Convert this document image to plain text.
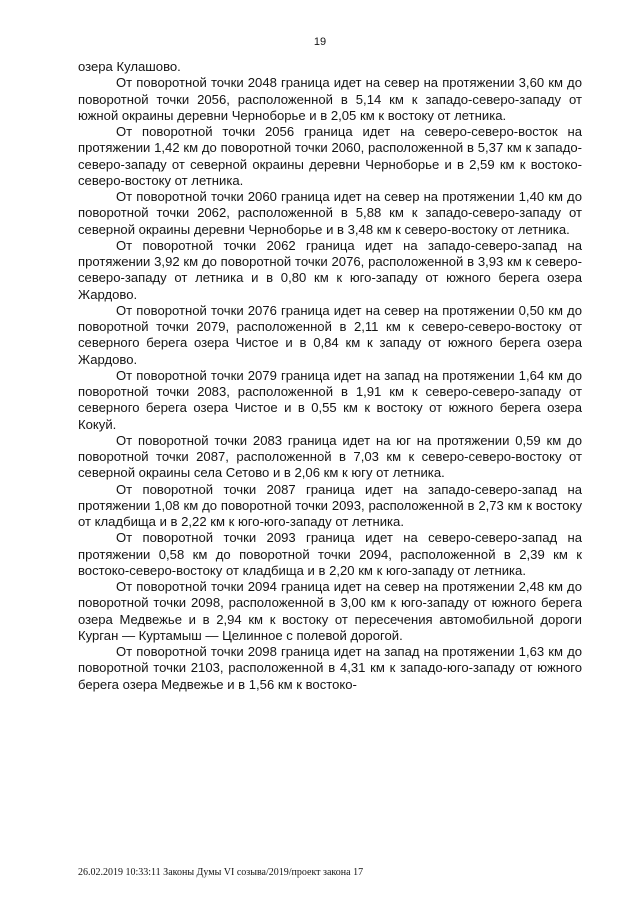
19

озера Кулашово.

От поворотной точки 2048 граница идет на север на протяжении 3,60 км до поворотной точки 2056, расположенной в 5,14 км к западо-северо-западу от южной окраины деревни Черноборье и в 2,05 км к востоку от летника.

От поворотной точки 2056 граница идет на северо-северо-восток на протяжении 1,42 км до поворотной точки 2060, расположенной в 5,37 км к западо-северо-западу от северной окраины деревни Черноборье и в 2,59 км к востоко-северо-востоку от летника.

От поворотной точки 2060 граница идет на север на протяжении 1,40 км до поворотной точки 2062, расположенной в 5,88 км к западо-северо-западу от северной окраины деревни Черноборье и в 3,48 км к северо-востоку от летника.

От поворотной точки 2062 граница идет на западо-северо-запад на протяжении 3,92 км до поворотной точки 2076, расположенной в 3,93 км к северо-северо-западу от летника и в 0,80 км к юго-западу от южного берега озера Жардово.

От поворотной точки 2076 граница идет на север на протяжении 0,50 км до поворотной точки 2079, расположенной в 2,11 км к северо-северо-востоку от северного берега озера Чистое и в 0,84 км к западу от южного берега озера Жардово.

От поворотной точки 2079 граница идет на запад на протяжении 1,64 км до поворотной точки 2083, расположенной в 1,91 км к северо-северо-западу от северного берега озера Чистое и в 0,55 км к востоку от южного берега озера Кокуй.

От поворотной точки 2083 граница идет на юг на протяжении 0,59 км до поворотной точки 2087, расположенной в 7,03 км к северо-северо-востоку от северной окраины села Сетово и в 2,06 км к югу от летника.

От поворотной точки 2087 граница идет на западо-северо-запад на протяжении 1,08 км до поворотной точки 2093, расположенной в 2,73 км к востоку от кладбища и в 2,22 км к юго-юго-западу от летника.

От поворотной точки 2093 граница идет на северо-северо-запад на протяжении 0,58 км до поворотной точки 2094, расположенной в 2,39 км к востоко-северо-востоку от кладбища и в 2,20 км к юго-западу от летника.

От поворотной точки 2094 граница идет на север на протяжении 2,48 км до поворотной точки 2098, расположенной в 3,00 км к юго-западу от южного берега озера Медвежье и в 2,94 км к востоку от пересечения автомобильной дороги Курган — Куртамыш — Целинное с полевой дорогой.

От поворотной точки 2098 граница идет на запад на протяжении 1,63 км до поворотной точки 2103, расположенной в 4,31 км к западо-юго-западу от южного берега озера Медвежье и в 1,56 км к востоко-

26.02.2019 10:33:11 Законы Думы VI созыва/2019/проект закона 17
